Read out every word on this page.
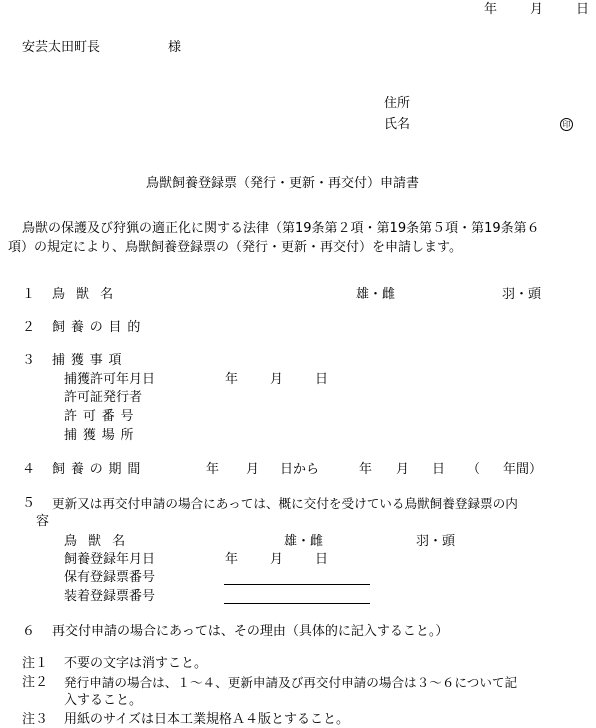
年	月	日
安芸太田町長	様
住所
氏名	印
鳥獣飼養登録票（発行・更新・再交付）申請書
鳥獣の保護及び狩猟の適正化に関する法律（第19条第２項・第19条第５項・第19条第６
項）の規定により、鳥獣飼養登録票の（発行・更新・再交付）を申請します。
１ 鳥獣名	雄・雌	羽・頭
２ 飼養の目的
３ 捕獲事項
捕獲許可年月日	年 月 日
許可証発行者
許可番号
捕獲場所
４ 飼養の期間	年 月 日から	年 月 日 （ 年間）
５ 更新又は再交付申請の場合にあっては、概に交付を受けている鳥獣飼養登録票の内
容
鳥獣名	雄・雌	羽・頭
飼養登録年月日	年 月 日
保有登録票番号
装着登録票番号
６ 再交付申請の場合にあっては、その理由（具体的に記入すること。）
注１ 不要の文字は消すこと。
注２ 発行申請の場合は、１～４、更新申請及び再交付申請の場合は３～６について記
入すること。
注３ 用紙のサイズは日本工業規格Ａ４版とすること。
